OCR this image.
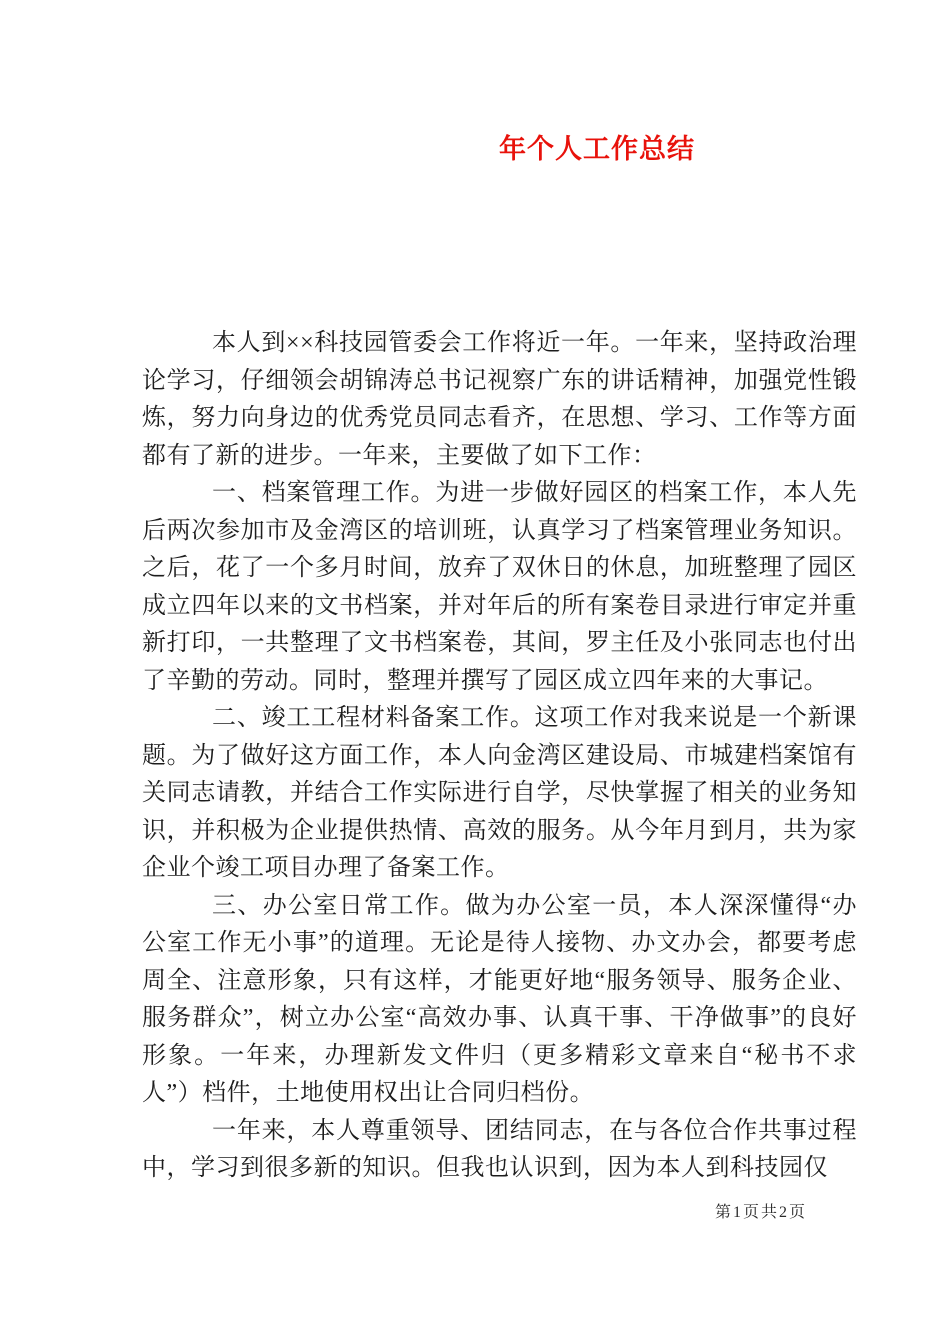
年个人工作总结

本人到××科技园管委会工作将近一年。一年来，坚持政治理论学习，仔细领会胡锦涛总书记视察广东的讲话精神，加强党性锻炼，努力向身边的优秀党员同志看齐，在思想、学习、工作等方面都有了新的进步。一年来，主要做了如下工作：

一、档案管理工作。为进一步做好园区的档案工作，本人先后两次参加市及金湾区的培训班，认真学习了档案管理业务知识。之后，花了一个多月时间，放弃了双休日的休息，加班整理了园区成立四年以来的文书档案，并对年后的所有案卷目录进行审定并重新打印，一共整理了文书档案卷，其间，罗主任及小张同志也付出了辛勤的劳动。同时，整理并撰写了园区成立四年来的大事记。

二、竣工工程材料备案工作。这项工作对我来说是一个新课题。为了做好这方面工作，本人向金湾区建设局、市城建档案馆有关同志请教，并结合工作实际进行自学，尽快掌握了相关的业务知识，并积极为企业提供热情、高效的服务。从今年月到月，共为家企业个竣工项目办理了备案工作。

三、办公室日常工作。做为办公室一员，本人深深懂得“办公室工作无小事”的道理。无论是待人接物、办文办会，都要考虑周全、注意形象，只有这样，才能更好地“服务领导、服务企业、服务群众”，树立办公室“高效办事、认真干事、干净做事”的良好形象。一年来，办理新发文件归（更多精彩文章来自“秘书不求人”）档件，土地使用权出让合同归档份。

一年来，本人尊重领导、团结同志，在与各位合作共事过程中，学习到很多新的知识。但我也认识到，因为本人到科技园仅

第1页共2页
